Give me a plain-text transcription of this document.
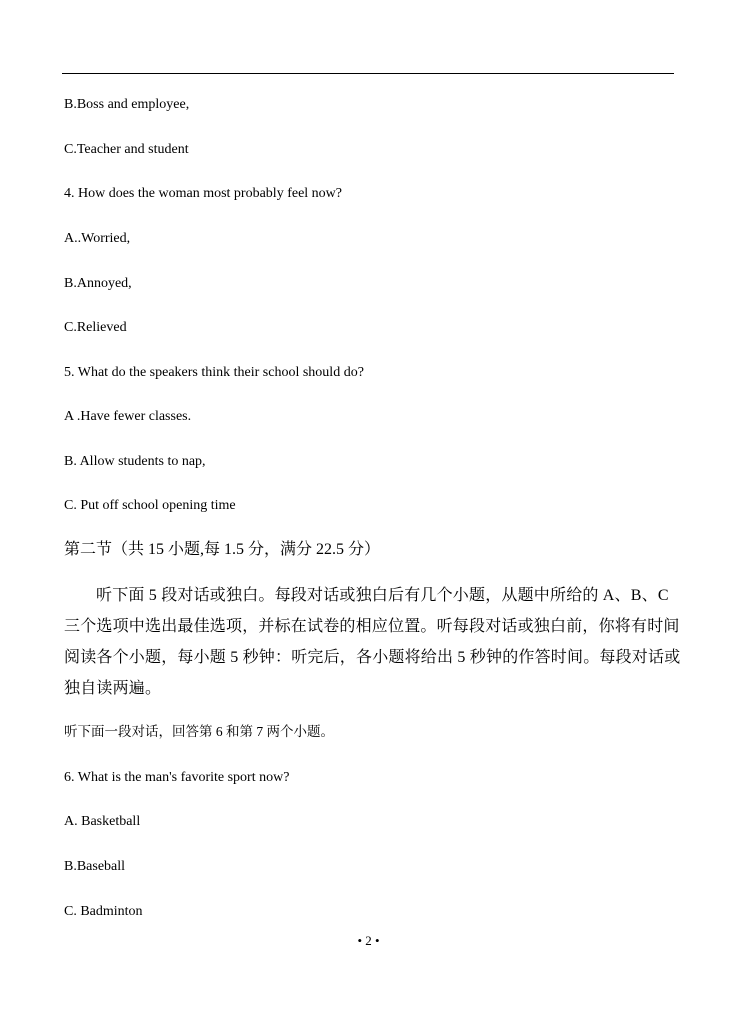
B.Boss and employee,
C.Teacher and student
4. How does the woman most probably feel now?
A..Worried,
B.Annoyed,
C.Relieved
5. What do the speakers think their school should do?
A .Have fewer classes.
B. Allow students to nap,
C. Put off school opening time
第二节（共 15 小题,每 1.5 分，满分 22.5 分）
听下面 5 段对话或独白。每段对话或独白后有几个小题，从题中所给的 A、B、C 三个选项中选出最佳选项，并标在试卷的相应位置。听每段对话或独白前，你将有时间阅读各个小题，每小题 5 秒钟：听完后，各小题将给出 5 秒钟的作答时间。每段对话或独自读两遍。
听下面一段对话，回答第 6 和第 7 两个小题。
6. What is the man's favorite sport now?
A. Basketball
B.Baseball
C. Badminton
• 2 •
